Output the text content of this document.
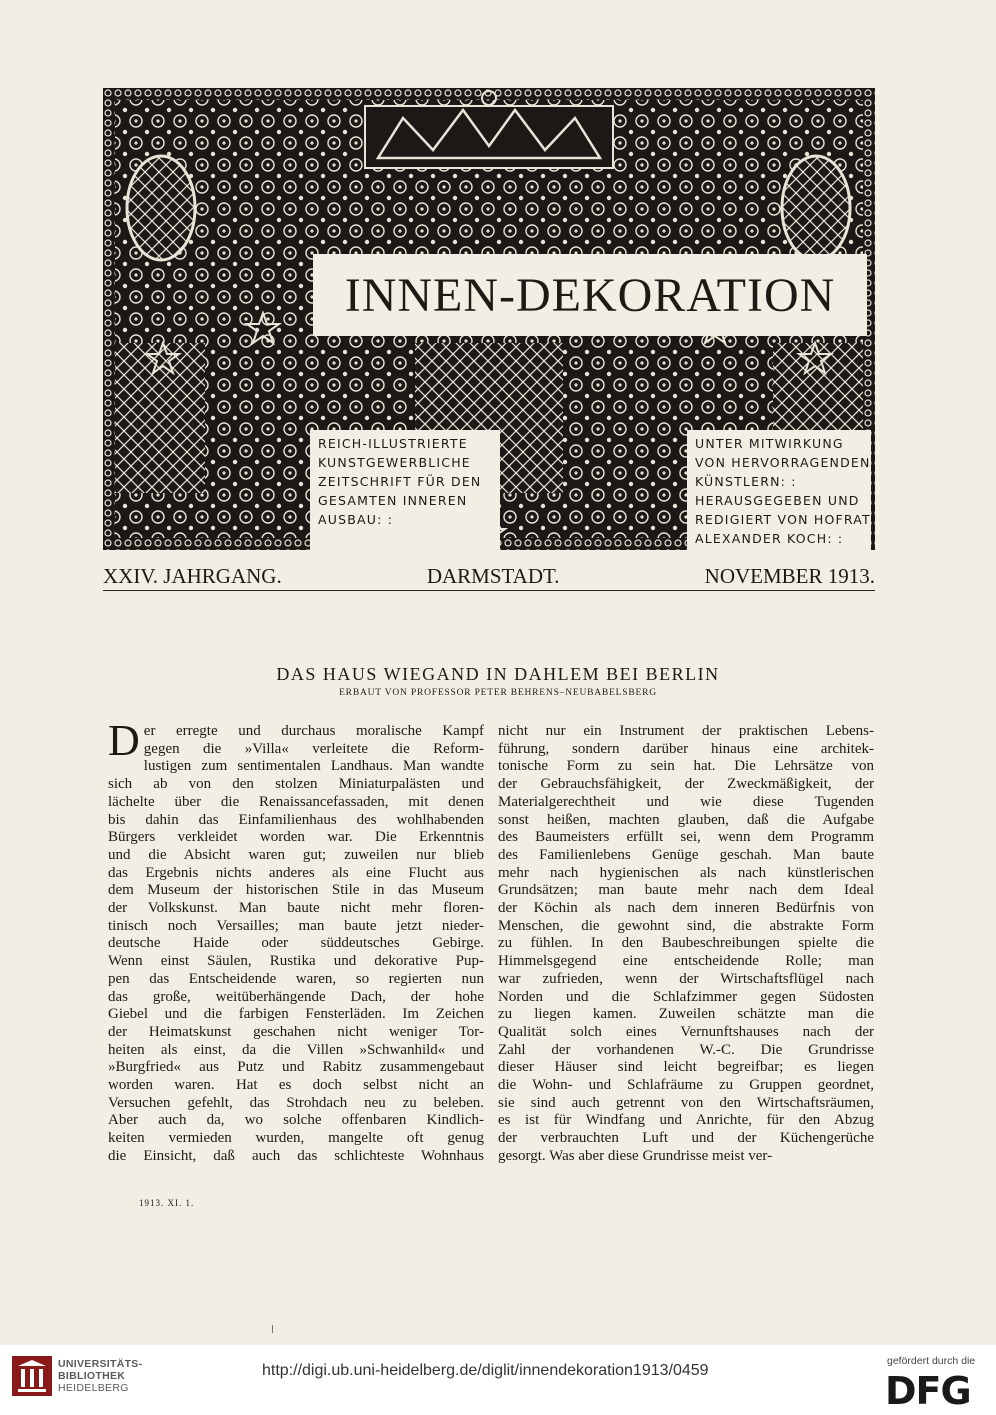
INNEN-DEKORATION
REICH-ILLUSTRIERTE
KUNSTGEWERBLICHE
ZEITSCHRIFT FÜR DEN
GESAMTEN INNEREN
AUSBAU: :
UNTER MITWIRKUNG
VON HERVORRAGENDEN
KÜNSTLERN: :
HERAUSGEGEBEN UND
REDIGIERT VON HOFRAT
ALEXANDER KOCH: :
XXIV. JAHRGANG.	DARMSTADT.	NOVEMBER 1913.
DAS HAUS WIEGAND IN DAHLEM BEI BERLIN
ERBAUT VON PROFESSOR PETER BEHRENS–NEUBABELSBERG
D er erregte und durchaus moralische Kampf
gegen die »Villa« verleitete die Reform-
lustigen zum sentimentalen Landhaus. Man wandte
sich ab von den stolzen Miniaturpalästen und
lächelte über die Renaissancefassaden, mit denen
bis dahin das Einfamilienhaus des wohlhabenden
Bürgers verkleidet worden war. Die Erkenntnis
und die Absicht waren gut; zuweilen nur blieb
das Ergebnis nichts anderes als eine Flucht aus
dem Museum der historischen Stile in das Museum
der Volkskunst. Man baute nicht mehr floren-
tinisch noch Versailles; man baute jetzt nieder-
deutsche Haide oder süddeutsches Gebirge.
Wenn einst Säulen, Rustika und dekorative Pup-
pen das Entscheidende waren, so regierten nun
das große, weitüberhängende Dach, der hohe
Giebel und die farbigen Fensterläden. Im Zeichen
der Heimatskunst geschahen nicht weniger Tor-
heiten als einst, da die Villen »Schwanhild« und
»Burgfried« aus Putz und Rabitz zusammengebaut
worden waren. Hat es doch selbst nicht an
Versuchen gefehlt, das Strohdach neu zu beleben.
Aber auch da, wo solche offenbaren Kindlich-
keiten vermieden wurden, mangelte oft genug
die Einsicht, daß auch das schlichteste Wohnhaus
nicht nur ein Instrument der praktischen Lebens-
führung, sondern darüber hinaus eine architek-
tonische Form zu sein hat. Die Lehrsätze von
der Gebrauchsfähigkeit, der Zweckmäßigkeit, der
Materialgerechtheit und wie diese Tugenden
sonst heißen, machten glauben, daß die Aufgabe
des Baumeisters erfüllt sei, wenn dem Programm
des Familienlebens Genüge geschah. Man baute
mehr nach hygienischen als nach künstlerischen
Grundsätzen; man baute mehr nach dem Ideal
der Köchin als nach dem inneren Bedürfnis von
Menschen, die gewohnt sind, die abstrakte Form
zu fühlen. In den Baubeschreibungen spielte die
Himmelsgegend eine entscheidende Rolle; man
war zufrieden, wenn der Wirtschaftsflügel nach
Norden und die Schlafzimmer gegen Südosten
zu liegen kamen. Zuweilen schätzte man die
Qualität solch eines Vernunftshauses nach der
Zahl der vorhandenen W.-C. Die Grundrisse
dieser Häuser sind leicht begreifbar; es liegen
die Wohn- und Schlafräume zu Gruppen geordnet,
sie sind auch getrennt von den Wirtschaftsräumen,
es ist für Windfang und Anrichte, für den Abzug
der verbrauchten Luft und der Küchengerüche
gesorgt. Was aber diese Grundrisse meist ver-
1913. XI. 1.
UNIVERSITÄTS-
BIBLIOTHEK
HEIDELBERG
http://digi.ub.uni-heidelberg.de/diglit/innendekoration1913/0459
gefördert durch die
DFG
